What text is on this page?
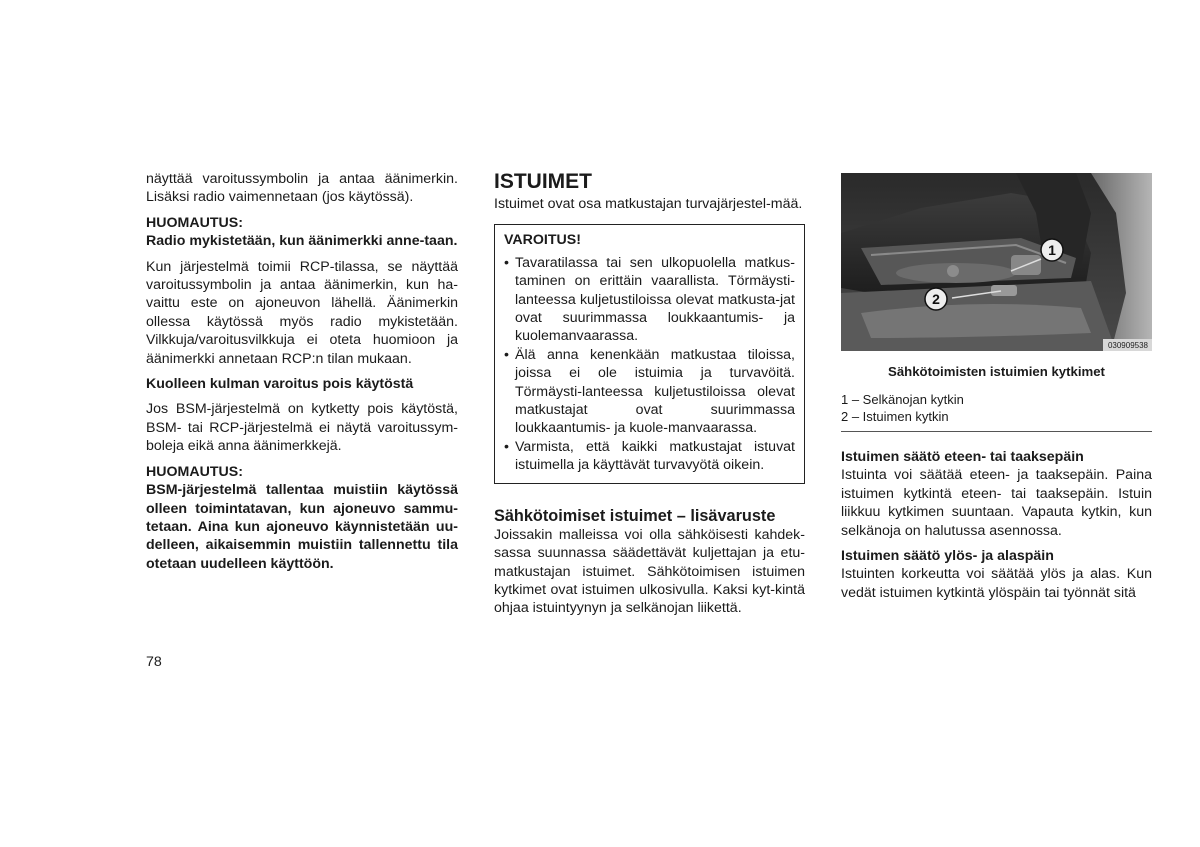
näyttää varoitussymbolin ja antaa äänimerkin. Lisäksi radio vaimennetaan (jos käytössä).

HUOMAUTUS:

Radio mykistetään, kun äänimerkki anne-taan.

Kun järjestelmä toimii RCP-tilassa, se näyttää varoitussymbolin ja antaa äänimerkin, kun ha-vaittu este on ajoneuvon lähellä. Äänimerkin ollessa käytössä myös radio mykistetään. Vilkkuja/varoitusvilkkuja ei oteta huomioon ja äänimerkki annetaan RCP:n tilan mukaan.

Kuolleen kulman varoitus pois käytöstä

Jos BSM-järjestelmä on kytketty pois käytöstä, BSM- tai RCP-järjestelmä ei näytä varoitussym-boleja eikä anna äänimerkkejä.

HUOMAUTUS:

BSM-järjestelmä tallentaa muistiin käytössä olleen toimintatavan, kun ajoneuvo sammu-tetaan. Aina kun ajoneuvo käynnistetään uu-delleen, aikaisemmin muistiin tallennettu tila otetaan uudelleen käyttöön.

ISTUIMET

Istuimet ovat osa matkustajan turvajärjestel-mää.

VAROITUS!

• Tavaratilassa tai sen ulkopuolella matkus-taminen on erittäin vaarallista. Törmäysti-lanteessa kuljetustiloissa olevat matkusta-jat ovat suurimmassa loukkaantumis- ja kuolemanvaarassa.
• Älä anna kenenkään matkustaa tiloissa, joissa ei ole istuimia ja turvavöitä. Törmäysti-lanteessa kuljetustiloissa olevat matkustajat ovat suurimmassa loukkaantumis- ja kuole-manvaarassa.
• Varmista, että kaikki matkustajat istuvat istuimella ja käyttävät turvavyötä oikein.
Sähkötoimiset istuimet – lisävaruste

Joissakin malleissa voi olla sähköisesti kahdek-sassa suunnassa säädettävät kuljettajan ja etu-matkustajan istuimet. Sähkötoimisen istuimen kytkimet ovat istuimen ulkosivulla. Kaksi kyt-kintä ohjaa istuintyynyn ja selkänojan liikettä.

1
2
030909538
Sähkötoimisten istuimien kytkimet

1 – Selkänojan kytkin

2 – Istuimen kytkin

Istuimen säätö eteen- tai taaksepäin

Istuinta voi säätää eteen- ja taaksepäin. Paina istuimen kytkintä eteen- tai taaksepäin. Istuin liikkuu kytkimen suuntaan. Vapauta kytkin, kun selkänoja on halutussa asennossa.

Istuimen säätö ylös- ja alaspäin

Istuinten korkeutta voi säätää ylös ja alas. Kun vedät istuimen kytkintä ylöspäin tai työnnät sitä

78
